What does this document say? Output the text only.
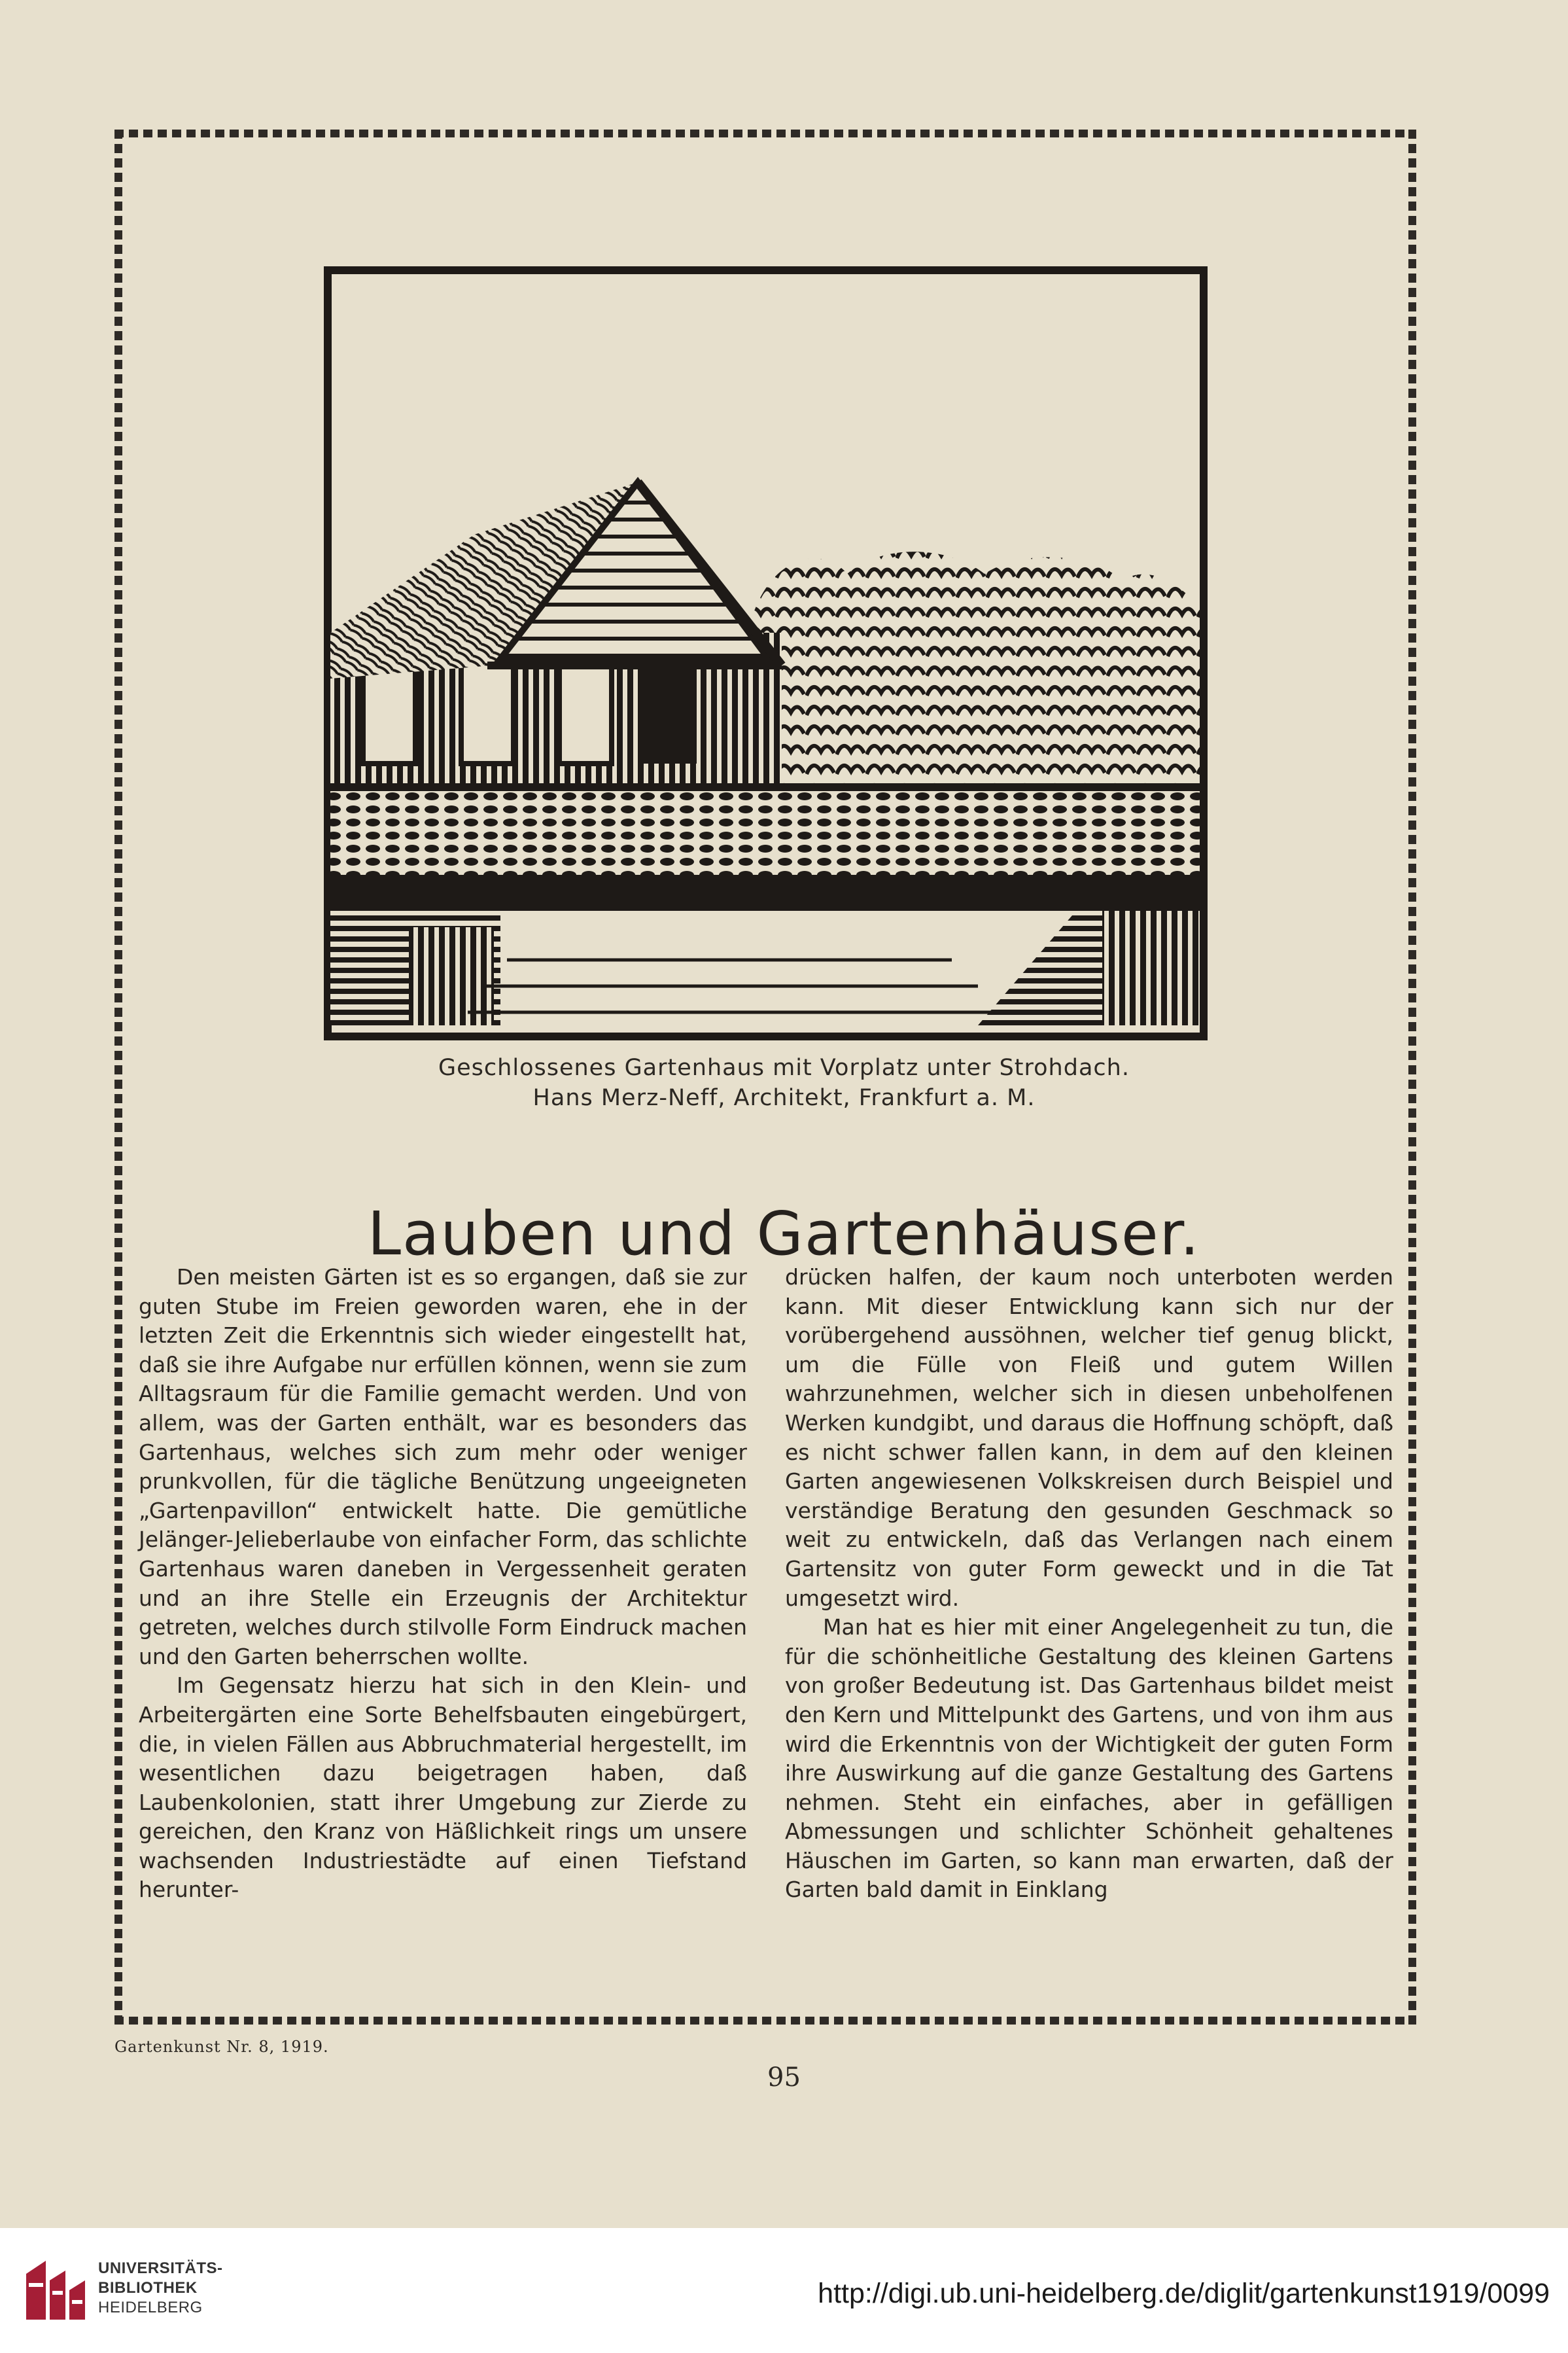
Geschlossenes Gartenhaus mit Vorplatz unter Strohdach.
Hans Merz-Neff, Architekt, Frankfurt a. M.
Lauben und Gartenhäuser.

Den meisten Gärten ist es so ergangen, daß sie zur guten Stube im Freien geworden waren, ehe in der letzten Zeit die Erkenntnis sich wieder eingestellt hat, daß sie ihre Aufgabe nur erfüllen können, wenn sie zum Alltagsraum für die Familie gemacht werden. Und von allem, was der Garten enthält, war es besonders das Gartenhaus, welches sich zum mehr oder weniger prunkvollen, für die tägliche Benützung ungeeigneten „Gartenpavillon“ entwickelt hatte. Die gemütliche Jelänger-Jelieberlaube von einfacher Form, das schlichte Gartenhaus waren daneben in Vergessenheit geraten und an ihre Stelle ein Erzeugnis der Architektur getreten, welches durch stilvolle Form Eindruck machen und den Garten beherrschen wollte.

Im Gegensatz hierzu hat sich in den Klein- und Arbeitergärten eine Sorte Behelfsbauten eingebürgert, die, in vielen Fällen aus Abbruchmaterial hergestellt, im wesentlichen dazu beigetragen haben, daß Laubenkolonien, statt ihrer Umgebung zur Zierde zu gereichen, den Kranz von Häßlichkeit rings um unsere wachsenden Industriestädte auf einen Tiefstand herunter-

drücken halfen, der kaum noch unterboten werden kann. Mit dieser Entwicklung kann sich nur der vorübergehend aussöhnen, welcher tief genug blickt, um die Fülle von Fleiß und gutem Willen wahrzunehmen, welcher sich in diesen unbeholfenen Werken kundgibt, und daraus die Hoffnung schöpft, daß es nicht schwer fallen kann, in dem auf den kleinen Garten angewiesenen Volkskreisen durch Beispiel und verständige Beratung den gesunden Geschmack so weit zu entwickeln, daß das Verlangen nach einem Gartensitz von guter Form geweckt und in die Tat umgesetzt wird.

Man hat es hier mit einer Angelegenheit zu tun, die für die schönheitliche Gestaltung des kleinen Gartens von großer Bedeutung ist. Das Gartenhaus bildet meist den Kern und Mittelpunkt des Gartens, und von ihm aus wird die Erkenntnis von der Wichtigkeit der guten Form ihre Auswirkung auf die ganze Gestaltung des Gartens nehmen. Steht ein einfaches, aber in gefälligen Abmessungen und schlichter Schönheit gehaltenes Häuschen im Garten, so kann man erwarten, daß der Garten bald damit in Einklang

Gartenkunst Nr. 8, 1919.
95
UNIVERSITÄTS-
BIBLIOTHEK
HEIDELBERG	http://digi.ub.uni-heidelberg.de/diglit/gartenkunst1919/0099
